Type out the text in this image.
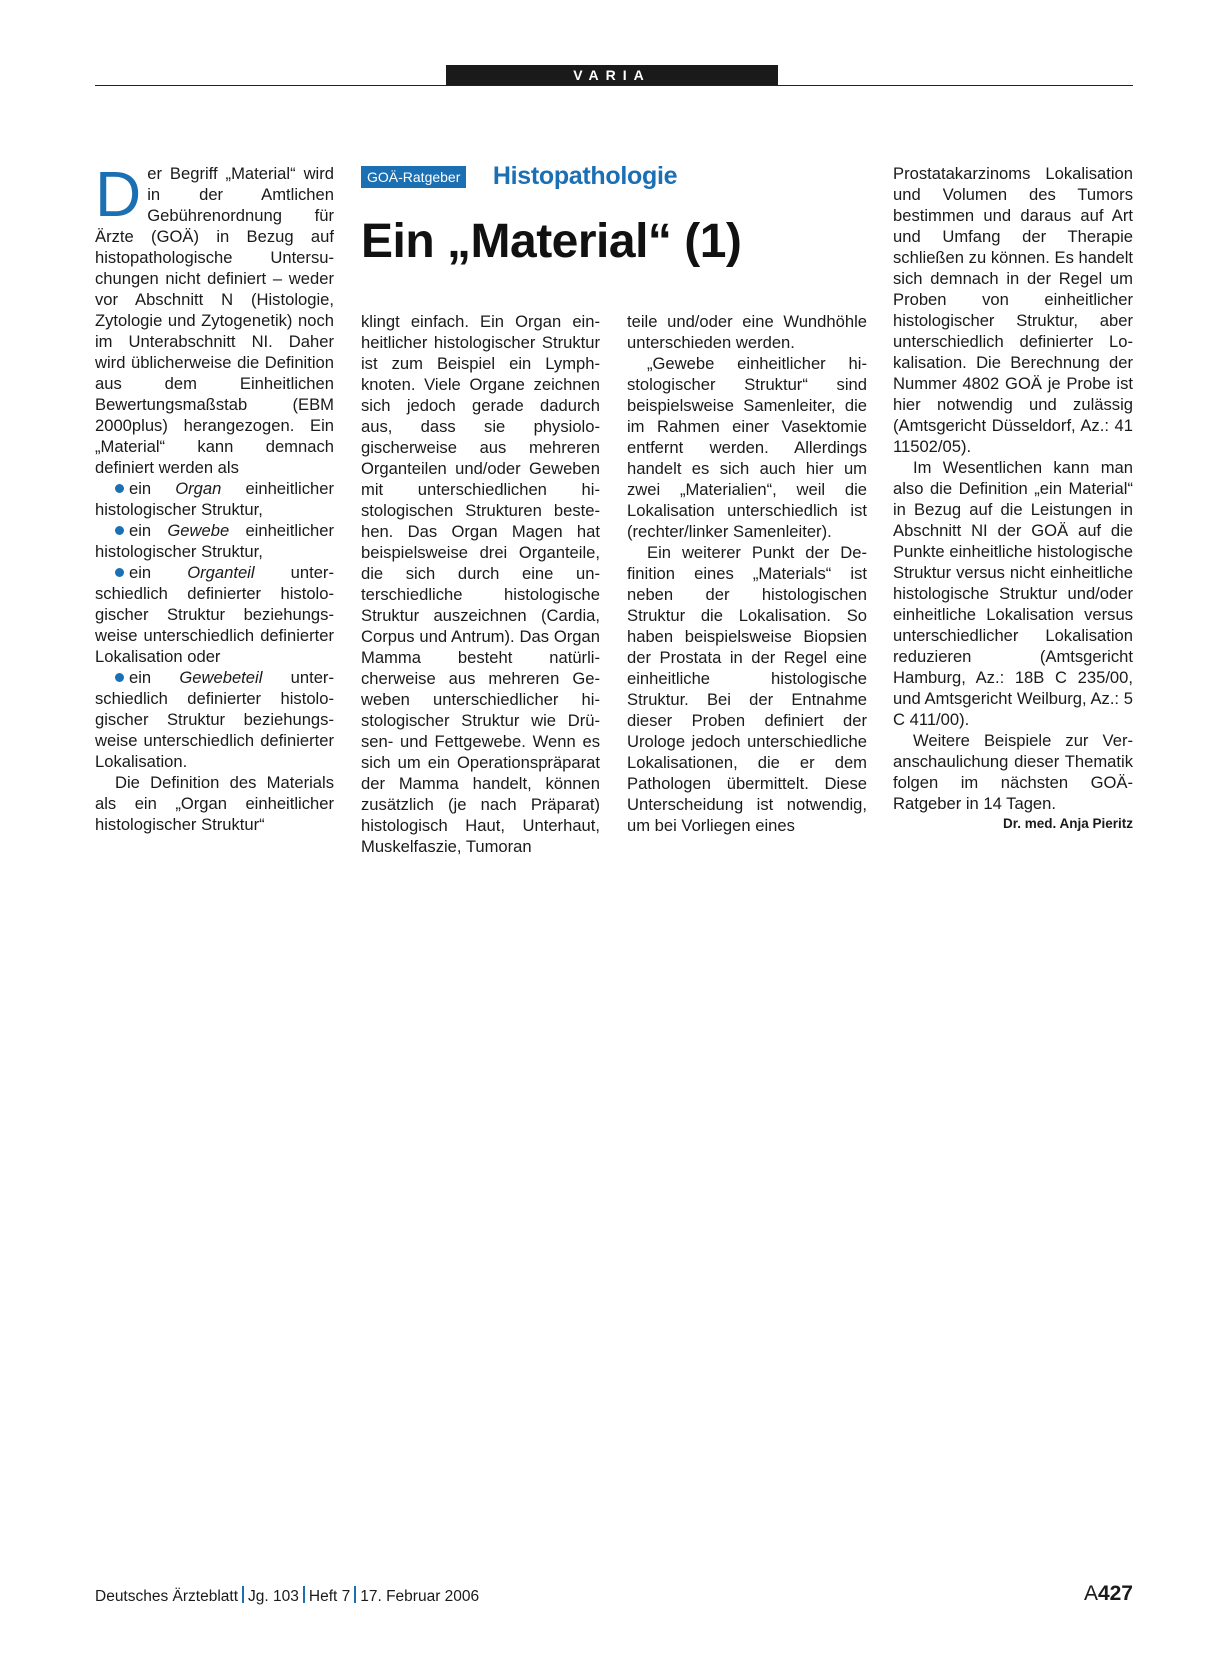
VARIA

Der Begriff „Material“ wird in der Amtlichen Gebührenordnung für Ärzte (GOÄ) in Bezug auf histopathologische Untersuchungen nicht definiert – weder vor Abschnitt N (Histologie, Zytologie und Zytogenetik) noch im Unterabschnitt NI. Daher wird üblicherweise die Definition aus dem Einheitlichen Bewertungsmaßstab (EBM 2000plus) herangezogen. Ein „Material“ kann demnach definiert werden als

ein Organ einheitlicher histologischer Struktur,
ein Gewebe einheitlicher histologischer Struktur,
ein Organteil unterschiedlich definierter histologischer Struktur beziehungsweise unterschiedlich definierter Lokalisation oder
ein Gewebeteil unterschiedlich definierter histologischer Struktur beziehungsweise unterschiedlich definierter Lokalisation.

Die Definition des Materials als ein „Organ einheitlicher histologischer Struktur“

GOÄ-Ratgeber Histopathologie
Ein „Material“ (1)

klingt einfach. Ein Organ einheitlicher histologischer Struktur ist zum Beispiel ein Lymphknoten. Viele Organe zeichnen sich jedoch gerade dadurch aus, dass sie physiologischerweise aus mehreren Organteilen und/oder Geweben mit unterschiedlichen histologischen Strukturen bestehen. Das Organ Magen hat beispielsweise drei Organteile, die sich durch eine unterschiedliche histologische Struktur auszeichnen (Cardia, Corpus und Antrum). Das Organ Mamma besteht natürlicherweise aus mehreren Geweben unterschiedlicher histologischer Struktur wie Drüsen- und Fettgewebe. Wenn es sich um ein Operationspräparat der Mamma handelt, können zusätzlich (je nach Präparat) histologisch Haut, Unterhaut, Muskelfaszie, Tumoran

teile und/oder eine Wundhöhle unterschieden werden.

„Gewebe einheitlicher histologischer Struktur“ sind beispielsweise Samenleiter, die im Rahmen einer Vasektomie entfernt werden. Allerdings handelt es sich auch hier um zwei „Materialien“, weil die Lokalisation unterschiedlich ist (rechter/linker Samenleiter).

Ein weiterer Punkt der Definition eines „Materials“ ist neben der histologischen Struktur die Lokalisation. So haben beispielsweise Biopsien der Prostata in der Regel eine einheitliche histologische Struktur. Bei der Entnahme dieser Proben definiert der Urologe jedoch unterschiedliche Lokalisationen, die er dem Pathologen übermittelt. Diese Unterscheidung ist notwendig, um bei Vorliegen eines

Prostatakarzinoms Lokalisation und Volumen des Tumors bestimmen und daraus auf Art und Umfang der Therapie schließen zu können. Es handelt sich demnach in der Regel um Proben von einheitlicher histologischer Struktur, aber unterschiedlich definierter Lokalisation. Die Berechnung der Nummer 4802 GOÄ je Probe ist hier notwendig und zulässig (Amtsgericht Düsseldorf, Az.: 41 11502/05).

Im Wesentlichen kann man also die Definition „ein Material“ in Bezug auf die Leistungen in Abschnitt NI der GOÄ auf die Punkte einheitliche histologische Struktur versus nicht einheitliche histologische Struktur und/oder einheitliche Lokalisation versus unterschiedlicher Lokalisation reduzieren (Amtsgericht Hamburg, Az.: 18B C 235/00, und Amtsgericht Weilburg, Az.: 5 C 411/00).

Weitere Beispiele zur Veranschaulichung dieser Thematik folgen im nächsten GOÄ-Ratgeber in 14 Tagen.

Dr. med. Anja Pieritz
Deutsches Ärzteblatt Jg. 103 Heft 7 17. Februar 2006	A427
